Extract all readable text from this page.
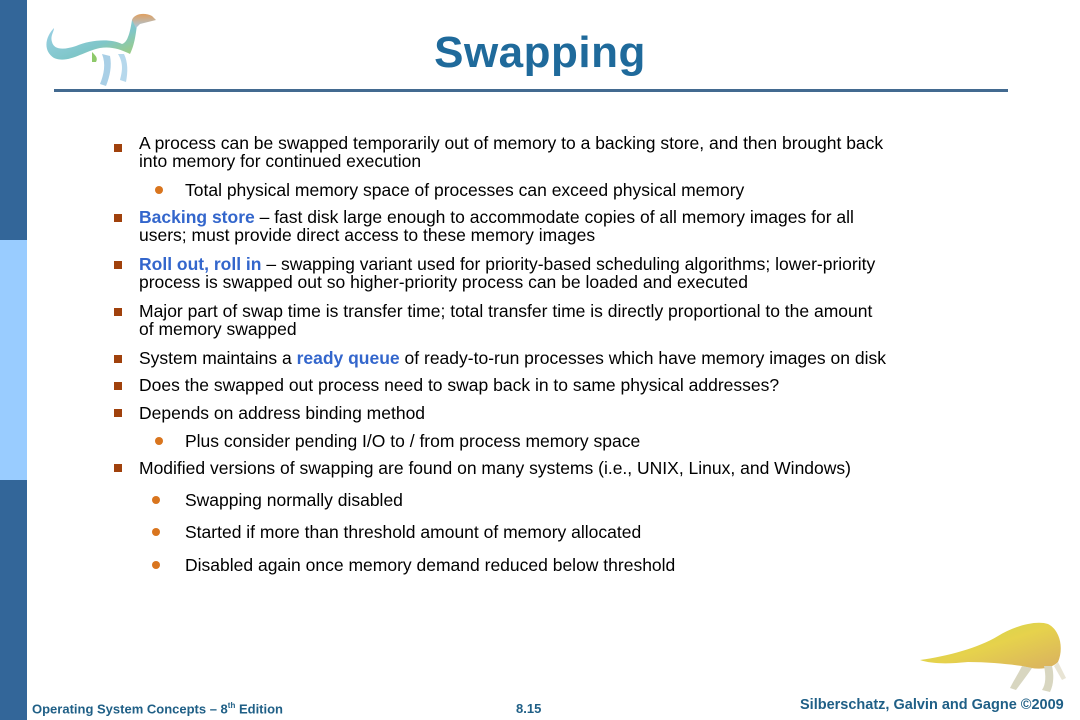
Swapping
A process can be swapped temporarily out of memory to a backing store, and then brought back
into memory for continued execution
Total physical memory space of processes can exceed physical memory
Backing store – fast disk large enough to accommodate copies of all memory images for all
users; must provide direct access to these memory images
Roll out, roll in – swapping variant used for priority-based scheduling algorithms; lower-priority
process is swapped out so higher-priority process can be loaded and executed
Major part of swap time is transfer time; total transfer time is directly proportional to the amount
of memory swapped
System maintains a ready queue of ready-to-run processes which have memory images on disk
Does the swapped out process need to swap back in to same physical addresses?
Depends on address binding method
Plus consider pending I/O to / from process memory space
Modified versions of swapping are found on many systems (i.e., UNIX, Linux, and Windows)
Swapping normally disabled
Started if more than threshold amount of memory allocated
Disabled again once memory demand reduced below threshold
Operating System Concepts – 8th Edition	8.15	Silberschatz, Galvin and Gagne ©2009
